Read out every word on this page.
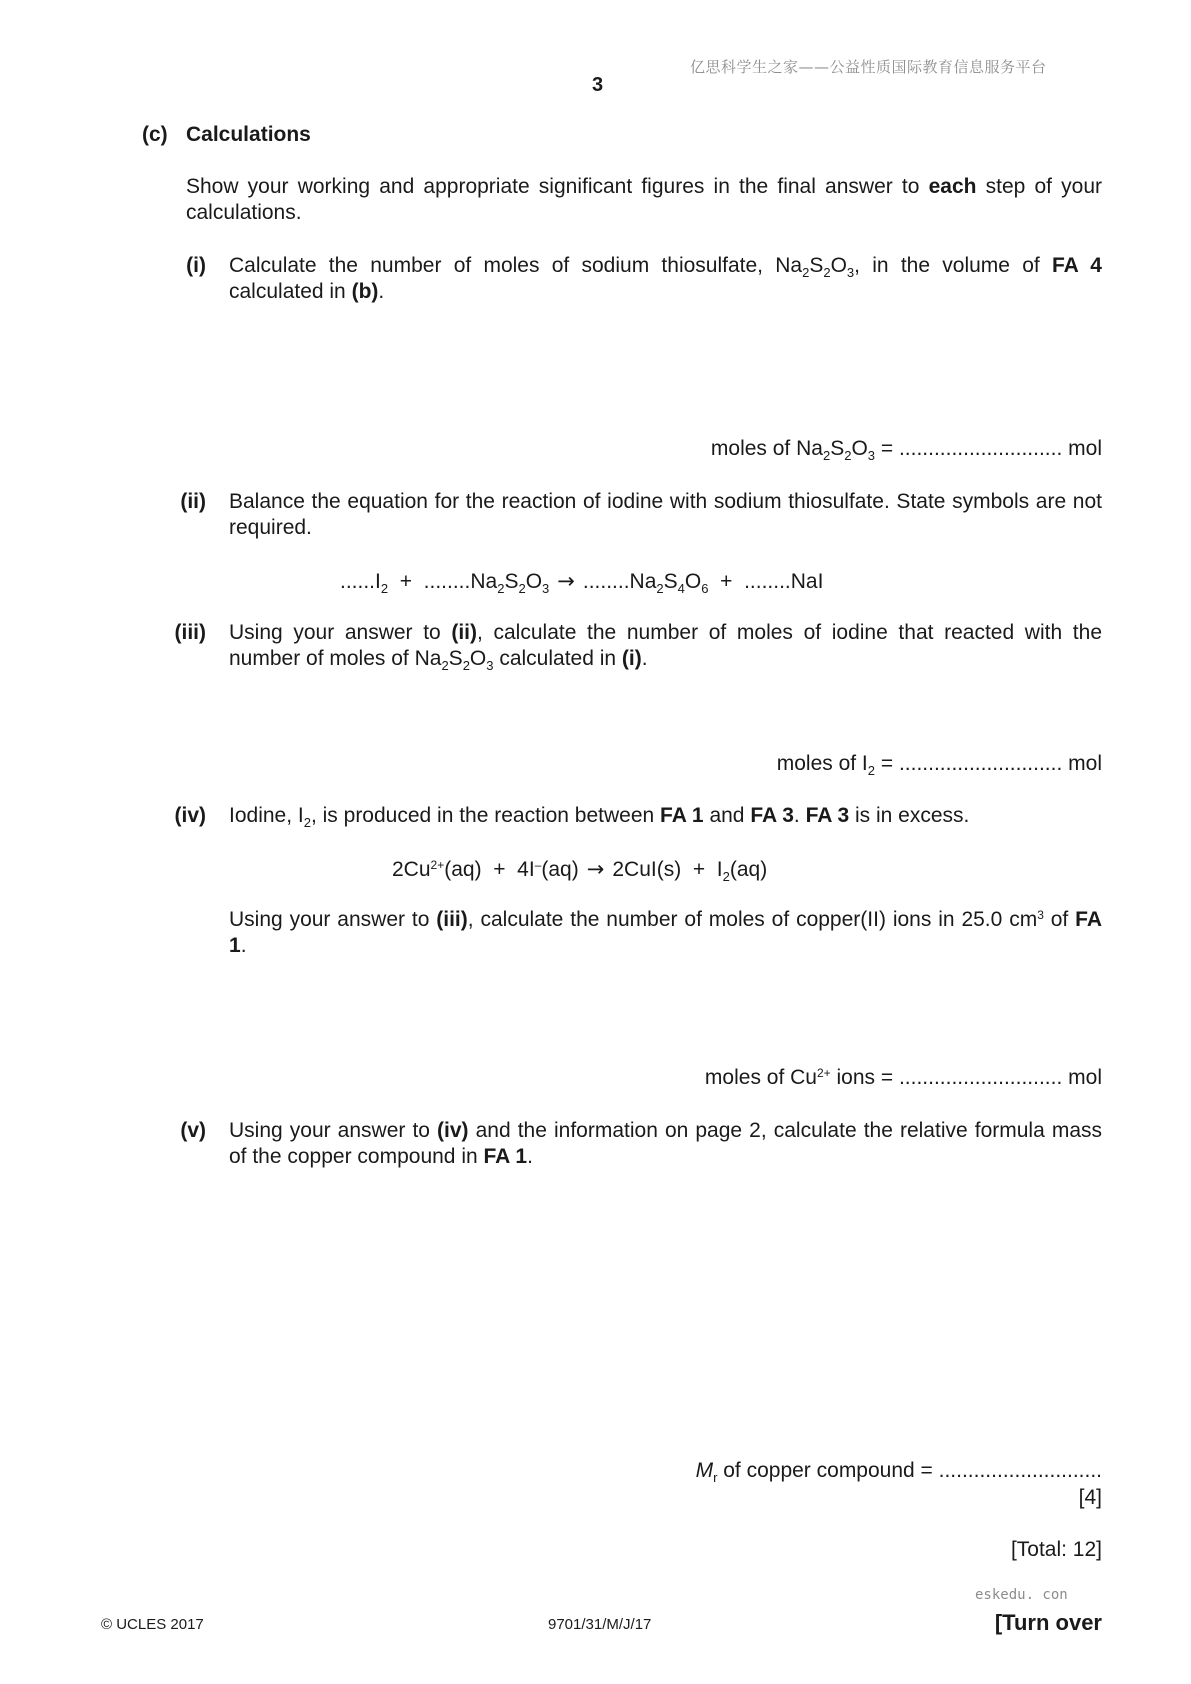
亿思科学生之家——公益性质国际教育信息服务平台
3
(c) Calculations
Show your working and appropriate significant figures in the final answer to each step of your calculations.
(i) Calculate the number of moles of sodium thiosulfate, $Na_2S_2O_3$, in the volume of FA 4 calculated in (b).
moles of $Na_2S_2O_3$ = ............................ mol
(ii) Balance the equation for the reaction of iodine with sodium thiosulfate. State symbols are not required.
$......I_2 + ........Na_2S_2O_3 \to ........Na_2S_4O_6 + ........NaI$
(iii) Using your answer to (ii), calculate the number of moles of iodine that reacted with the number of moles of $Na_2S_2O_3$ calculated in (i).
moles of $I_2$ = ............................ mol
(iv) Iodine, $I_2$, is produced in the reaction between FA 1 and FA 3. FA 3 is in excess.
$2Cu^{2+}(aq) + 4I^-(aq) \to 2CuI(s) + I_2(aq)$
Using your answer to (iii), calculate the number of moles of copper(II) ions in 25.0 $cm^3$ of FA 1.
moles of $Cu^{2+}$ ions = ............................ mol
(v) Using your answer to (iv) and the information on page 2, calculate the relative formula mass of the copper compound in FA 1.
$M_r$ of copper compound = ............................
[4]
[Total: 12]
eskedu. con
© UCLES 2017	9701/31/M/J/17	[Turn over
